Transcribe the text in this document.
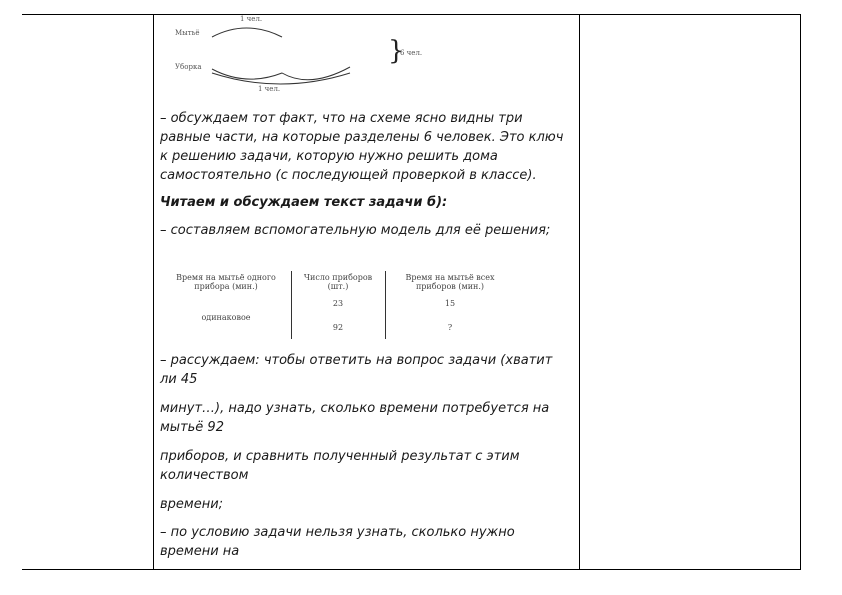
}
1 чел.
Мытьё
Уборка
1 чел.
6 чел.

– обсуждаем тот факт, что на схеме ясно видны три равные части, на которые разделены 6 человек. Это ключ к решению задачи, которую нужно решить дома самостоятельно (с последующей проверкой в классе).

Читаем и обсуждаем текст задачи б):

– составляем вспомогательную модель для её решения;

Время на мытьё одного прибора (мин.)
Число приборов (шт.)
Время на мытьё всех приборов (мин.)
одинаковое
23	15
92	?

– рассуждаем: чтобы ответить на вопрос задачи (хватит ли 45

минут…), надо узнать, сколько времени потребуется на мытьё 92

приборов, и сравнить полученный результат с этим количеством

времени;

– по условию задачи нельзя узнать, сколько нужно времени на
